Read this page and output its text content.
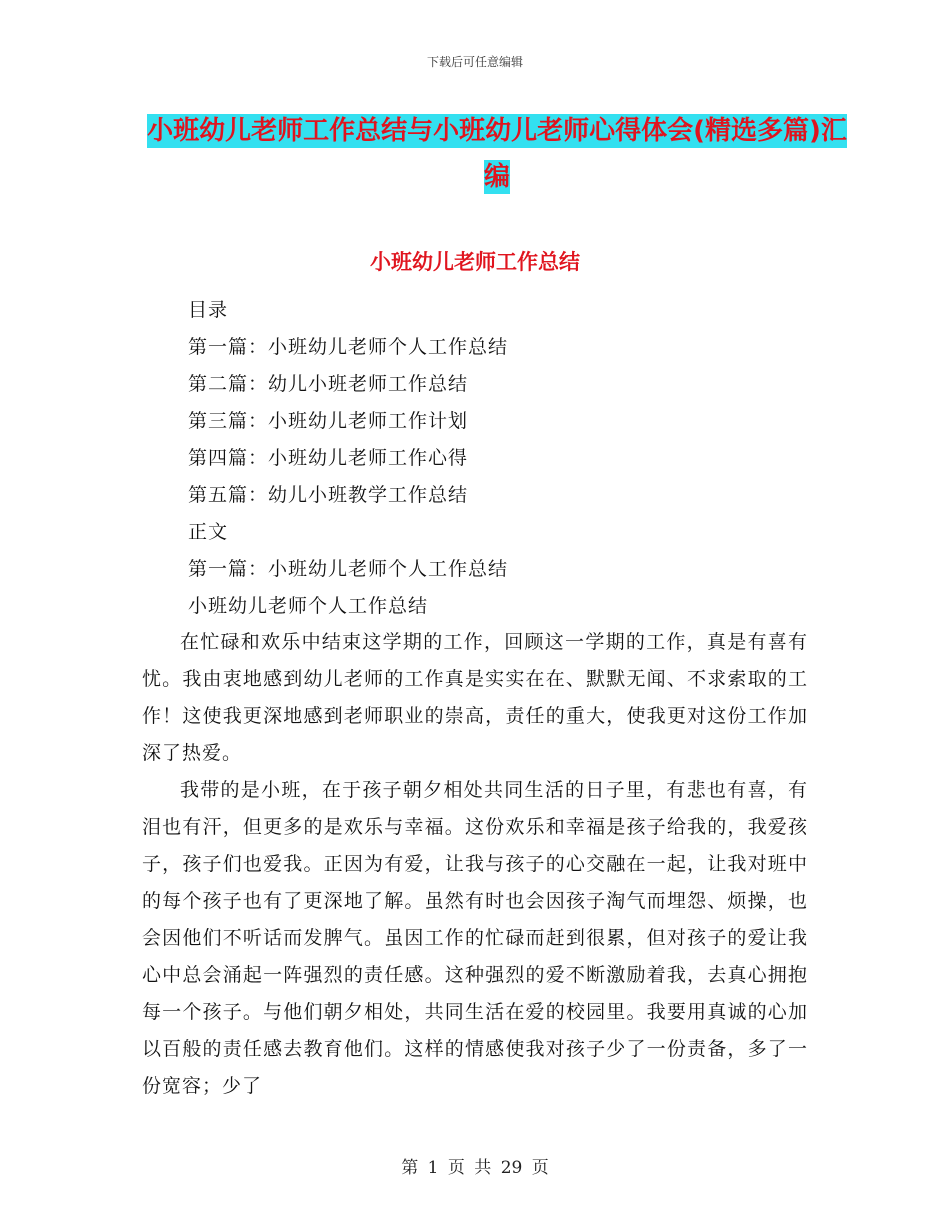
下载后可任意编辑
小班幼儿老师工作总结与小班幼儿老师心得体会(精选多篇)汇编
小班幼儿老师工作总结
目录
第一篇：小班幼儿老师个人工作总结
第二篇：幼儿小班老师工作总结
第三篇：小班幼儿老师工作计划
第四篇：小班幼儿老师工作心得
第五篇：幼儿小班教学工作总结
正文
第一篇：小班幼儿老师个人工作总结
小班幼儿老师个人工作总结

在忙碌和欢乐中结束这学期的工作，回顾这一学期的工作，真是有喜有忧。我由衷地感到幼儿老师的工作真是实实在在、默默无闻、不求索取的工作！这使我更深地感到老师职业的崇高，责任的重大，使我更对这份工作加深了热爱。

我带的是小班，在于孩子朝夕相处共同生活的日子里，有悲也有喜，有泪也有汗，但更多的是欢乐与幸福。这份欢乐和幸福是孩子给我的，我爱孩子，孩子们也爱我。正因为有爱，让我与孩子的心交融在一起，让我对班中的每个孩子也有了更深地了解。虽然有时也会因孩子淘气而埋怨、烦操，也会因他们不听话而发脾气。虽因工作的忙碌而赶到很累，但对孩子的爱让我心中总会涌起一阵强烈的责任感。这种强烈的爱不断激励着我，去真心拥抱每一个孩子。与他们朝夕相处，共同生活在爱的校园里。我要用真诚的心加以百般的责任感去教育他们。这样的情感使我对孩子少了一份责备，多了一份宽容；少了

第 1 页 共 29 页
